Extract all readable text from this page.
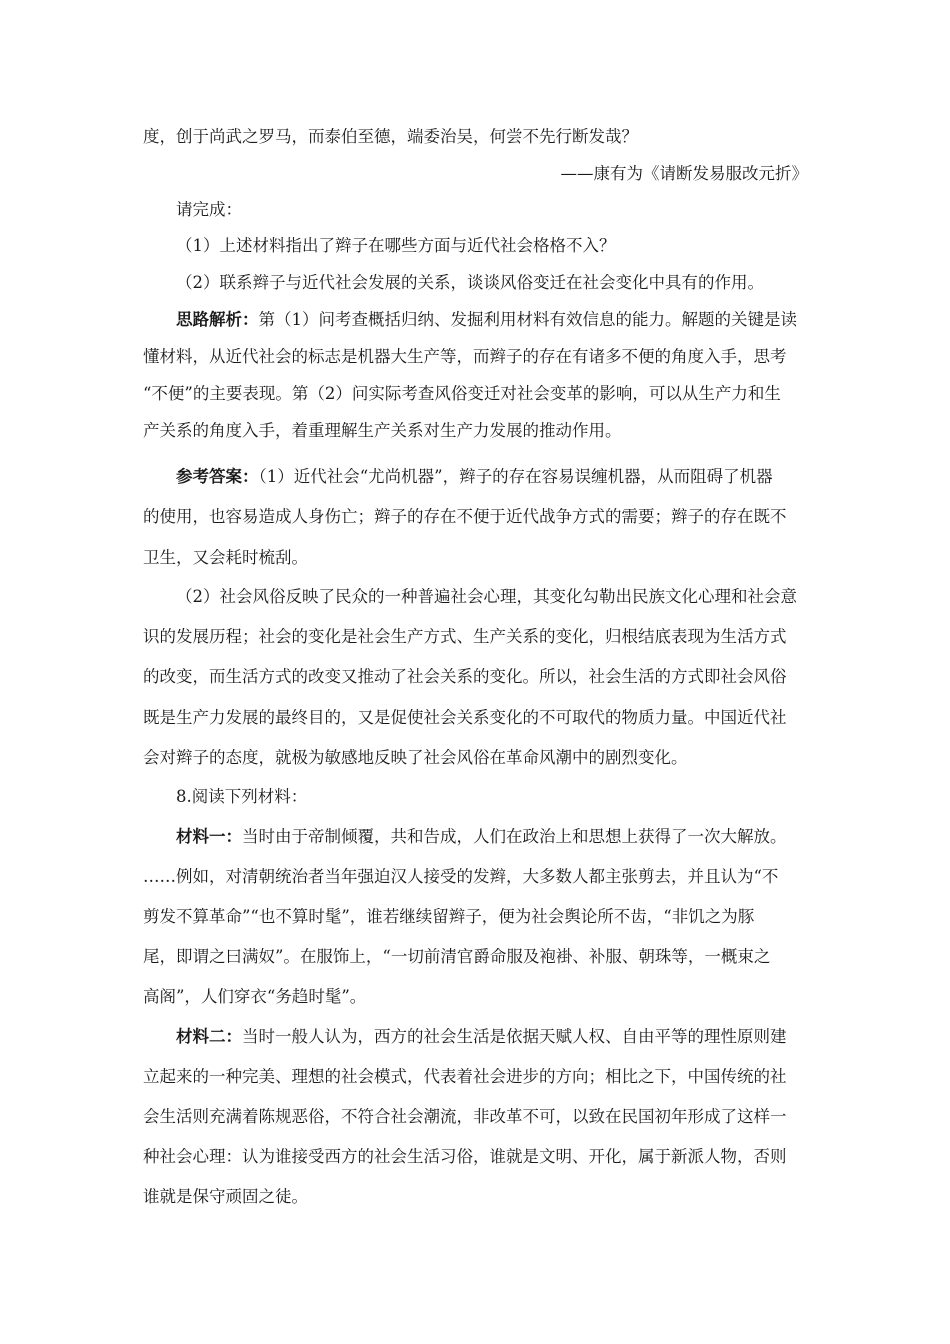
度，创于尚武之罗马，而泰伯至德，端委治吴，何尝不先行断发哉？
——康有为《请断发易服改元折》
请完成：
（1）上述材料指出了辫子在哪些方面与近代社会格格不入？
（2）联系辫子与近代社会发展的关系，谈谈风俗变迁在社会变化中具有的作用。
思路解析：第（1）问考查概括归纳、发掘利用材料有效信息的能力。解题的关键是读
懂材料，从近代社会的标志是机器大生产等，而辫子的存在有诸多不便的角度入手，思考
“不便”的主要表现。第（2）问实际考查风俗变迁对社会变革的影响，可以从生产力和生
产关系的角度入手，着重理解生产关系对生产力发展的推动作用。
参考答案：（1）近代社会“尤尚机器”，辫子的存在容易误缠机器，从而阻碍了机器
的使用，也容易造成人身伤亡；辫子的存在不便于近代战争方式的需要；辫子的存在既不
卫生，又会耗时梳刮。
（2）社会风俗反映了民众的一种普遍社会心理，其变化勾勒出民族文化心理和社会意
识的发展历程；社会的变化是社会生产方式、生产关系的变化，归根结底表现为生活方式
的改变，而生活方式的改变又推动了社会关系的变化。所以，社会生活的方式即社会风俗
既是生产力发展的最终目的，又是促使社会关系变化的不可取代的物质力量。中国近代社
会对辫子的态度，就极为敏感地反映了社会风俗在革命风潮中的剧烈变化。
8.阅读下列材料：
材料一：当时由于帝制倾覆，共和告成，人们在政治上和思想上获得了一次大解放。
……例如，对清朝统治者当年强迫汉人接受的发辫，大多数人都主张剪去，并且认为“不
剪发不算革命”“也不算时髦”，谁若继续留辫子，便为社会舆论所不齿，“非饥之为豚
尾，即谓之曰满奴”。在服饰上，“一切前清官爵命服及袍褂、补服、朝珠等，一概束之
高阁”，人们穿衣“务趋时髦”。
材料二：当时一般人认为，西方的社会生活是依据天赋人权、自由平等的理性原则建
立起来的一种完美、理想的社会模式，代表着社会进步的方向；相比之下，中国传统的社
会生活则充满着陈规恶俗，不符合社会潮流，非改革不可，以致在民国初年形成了这样一
种社会心理：认为谁接受西方的社会生活习俗，谁就是文明、开化，属于新派人物，否则
谁就是保守顽固之徒。
